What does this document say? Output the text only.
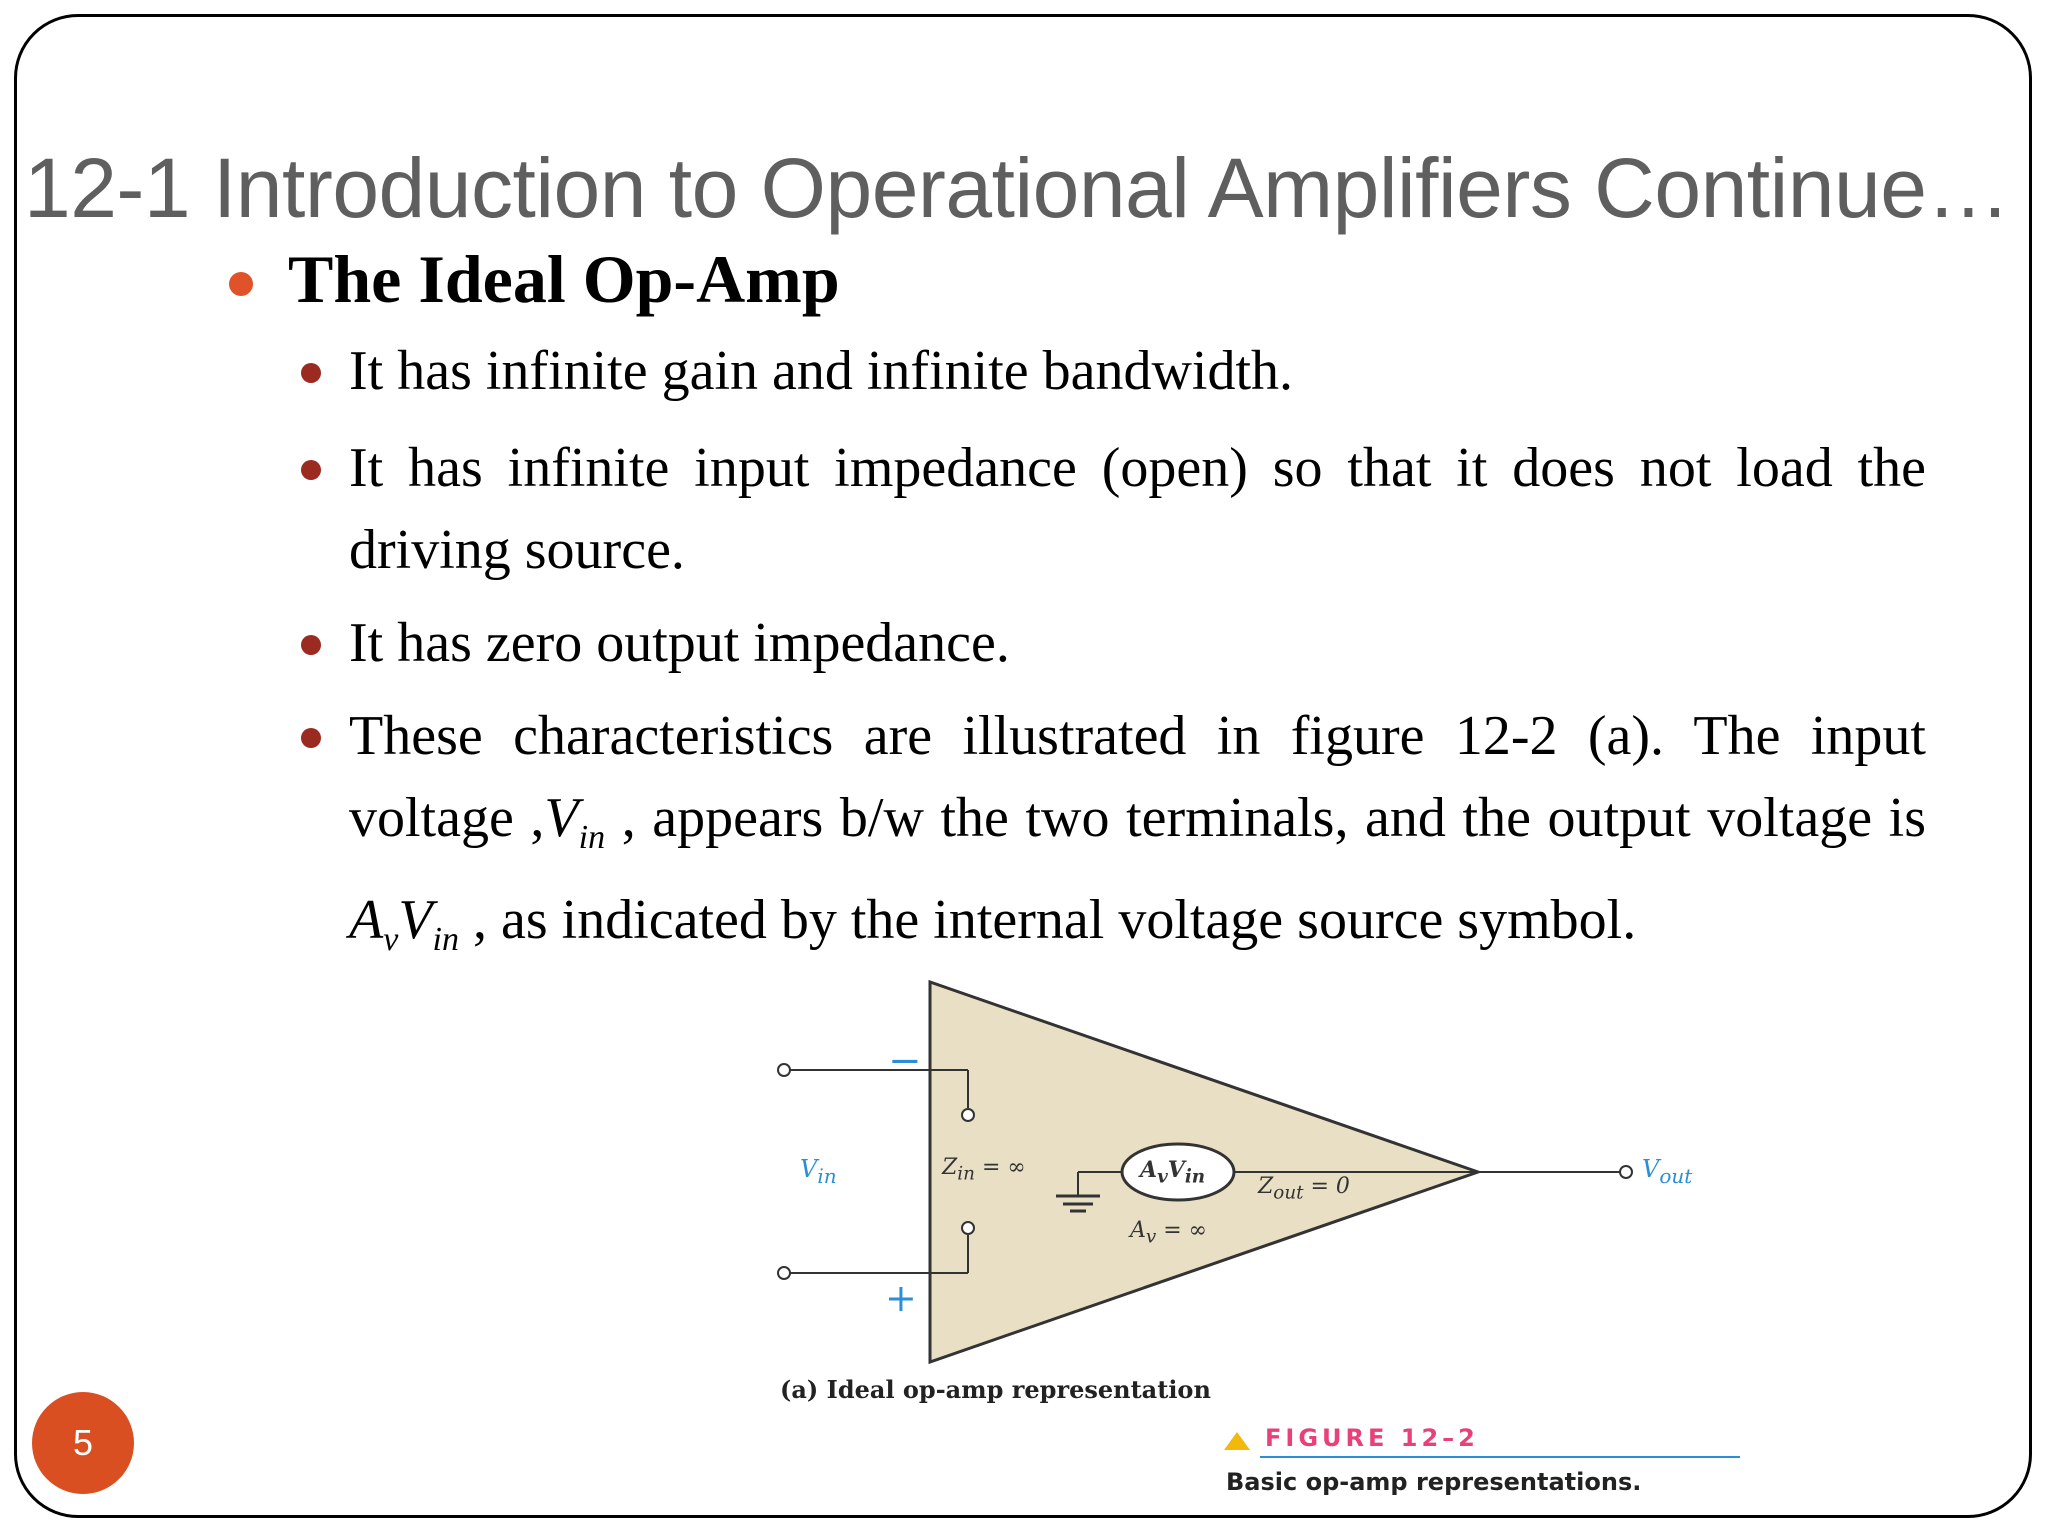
12-1 Introduction to Operational Amplifiers Continue…
The Ideal Op-Amp
It has infinite gain and infinite bandwidth.
It has infinite input impedance (open) so that it does not load the driving source.
It has zero output impedance.
These characteristics are illustrated in figure 12-2 (a). The input voltage $,V_{in}$ , appears b/w the two terminals, and the output voltage is $A_vV_{in}$ , as indicated by the internal voltage source symbol.
−
+
$V_{in}$	$Z_{in}$ = ∞	$A_vV_{in}$ $Z_{out} = 0$
$A_v$ = ∞
$V_{out}$
(a) Ideal op-amp representation
FIGURE 12–2
Basic op-amp representations.
5
